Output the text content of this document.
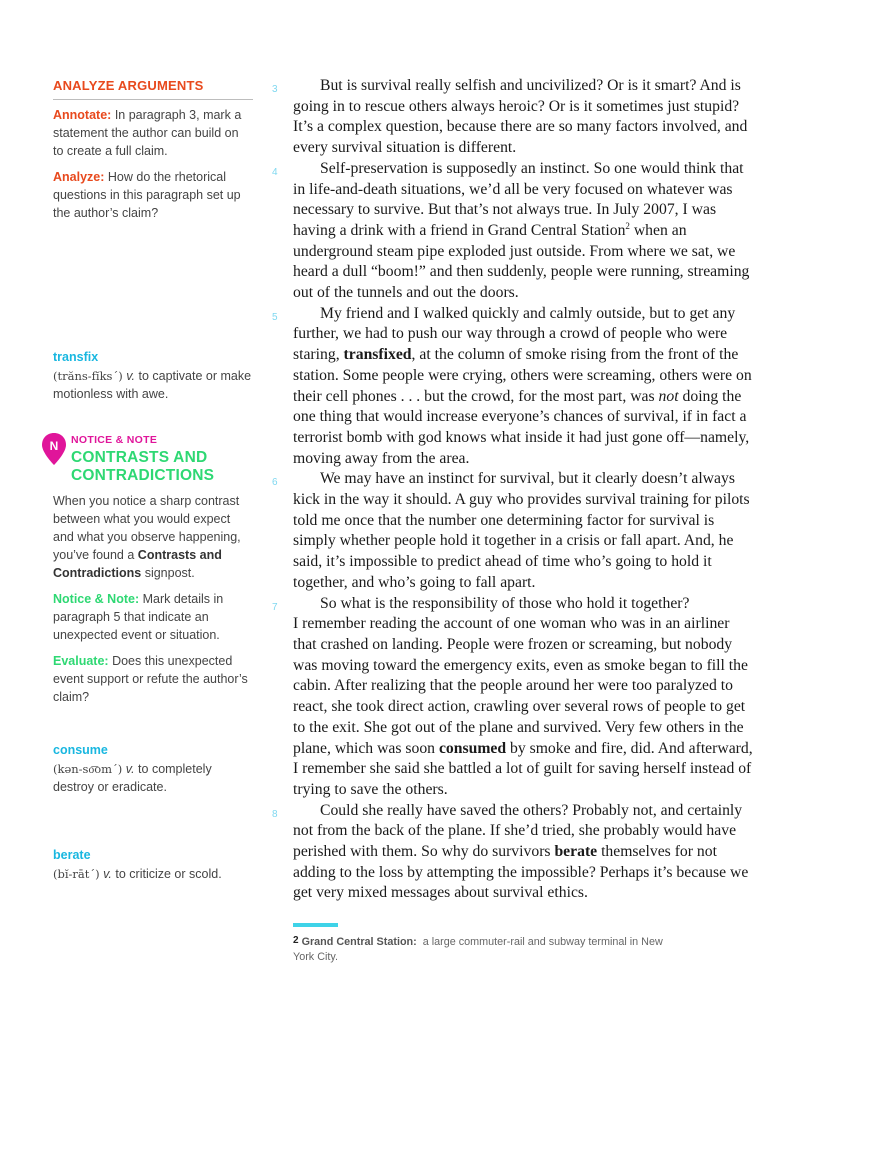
ANALYZE ARGUMENTS

Annotate: In paragraph 3, mark a statement the author can build on to create a full claim.

Analyze: How do the rhetorical questions in this paragraph set up the author’s claim?

transfix
(trăns-fĭks´) v. to captivate or make motionless with awe.
N NOTICE & NOTE
CONTRASTS AND
CONTRADICTIONS

When you notice a sharp contrast between what you would expect and what you observe happening, you’ve found a Contrasts and Contradictions signpost.

Notice & Note: Mark details in paragraph 5 that indicate an unexpected event or situation.

Evaluate: Does this unexpected event support or refute the author’s claim?

consume
(kən-so͞om´) v. to completely destroy or eradicate.
berate
(bĭ-rāt´) v. to criticize or scold.

3	But is survival really selfish and uncivilized? Or is it smart? And is going in to rescue others always heroic? Or is it sometimes just stupid? It’s a complex question, because there are so many factors involved, and every survival situation is different.

4	Self-preservation is supposedly an instinct. So one would think that in life-and-death situations, we’d all be very focused on whatever was necessary to survive. But that’s not always true. In July 2007, I was having a drink with a friend in Grand Central Station$^2$ when an underground steam pipe exploded just outside. From where we sat, we heard a dull “boom!” and then suddenly, people were running, streaming out of the tunnels and out the doors.

5	My friend and I walked quickly and calmly outside, but to get any further, we had to push our way through a crowd of people who were staring, transfixed, at the column of smoke rising from the front of the station. Some people were crying, others were screaming, others were on their cell phones . . . but the crowd, for the most part, was not doing the one thing that would increase everyone’s chances of survival, if in fact a terrorist bomb with god knows what inside it had just gone off—namely, moving away from the area.

6	We may have an instinct for survival, but it clearly doesn’t always kick in the way it should. A guy who provides survival training for pilots told me once that the number one determining factor for survival is simply whether people hold it together in a crisis or fall apart. And, he said, it’s impossible to predict ahead of time who’s going to hold it together, and who’s going to fall apart.

7	So what is the responsibility of those who hold it together?

I remember reading the account of one woman who was in an airliner that crashed on landing. People were frozen or screaming, but nobody was moving toward the emergency exits, even as smoke began to fill the cabin. After realizing that the people around her were too paralyzed to react, she took direct action, crawling over several rows of people to get to the exit. She got out of the plane and survived. Very few others in the plane, which was soon consumed by smoke and fire, did. And afterward, I remember she said she battled a lot of guilt for saving herself instead of trying to save the others.

8	Could she really have saved the others? Probably not, and certainly not from the back of the plane. If she’d tried, she probably would have perished with them. So why do survivors berate themselves for not adding to the loss by attempting the impossible? Perhaps it’s because we get very mixed messages about survival ethics.

2 Grand Central Station: a large commuter-rail and subway terminal in New York City.
